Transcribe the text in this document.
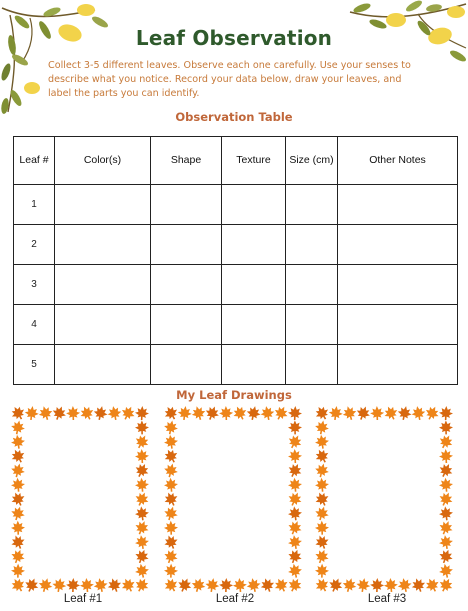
Leaf Observation
Collect 3-5 different leaves. Observe each one carefully. Use your senses to describe what you notice. Record your data below, draw your leaves, and label the parts you can identify.
Observation Table
Leaf #	Color(s)	Shape	Texture	Size (cm)	Other Notes
1					
2					
3					
4					
5					
My Leaf Drawings
Leaf #1	Leaf #2	Leaf #3
